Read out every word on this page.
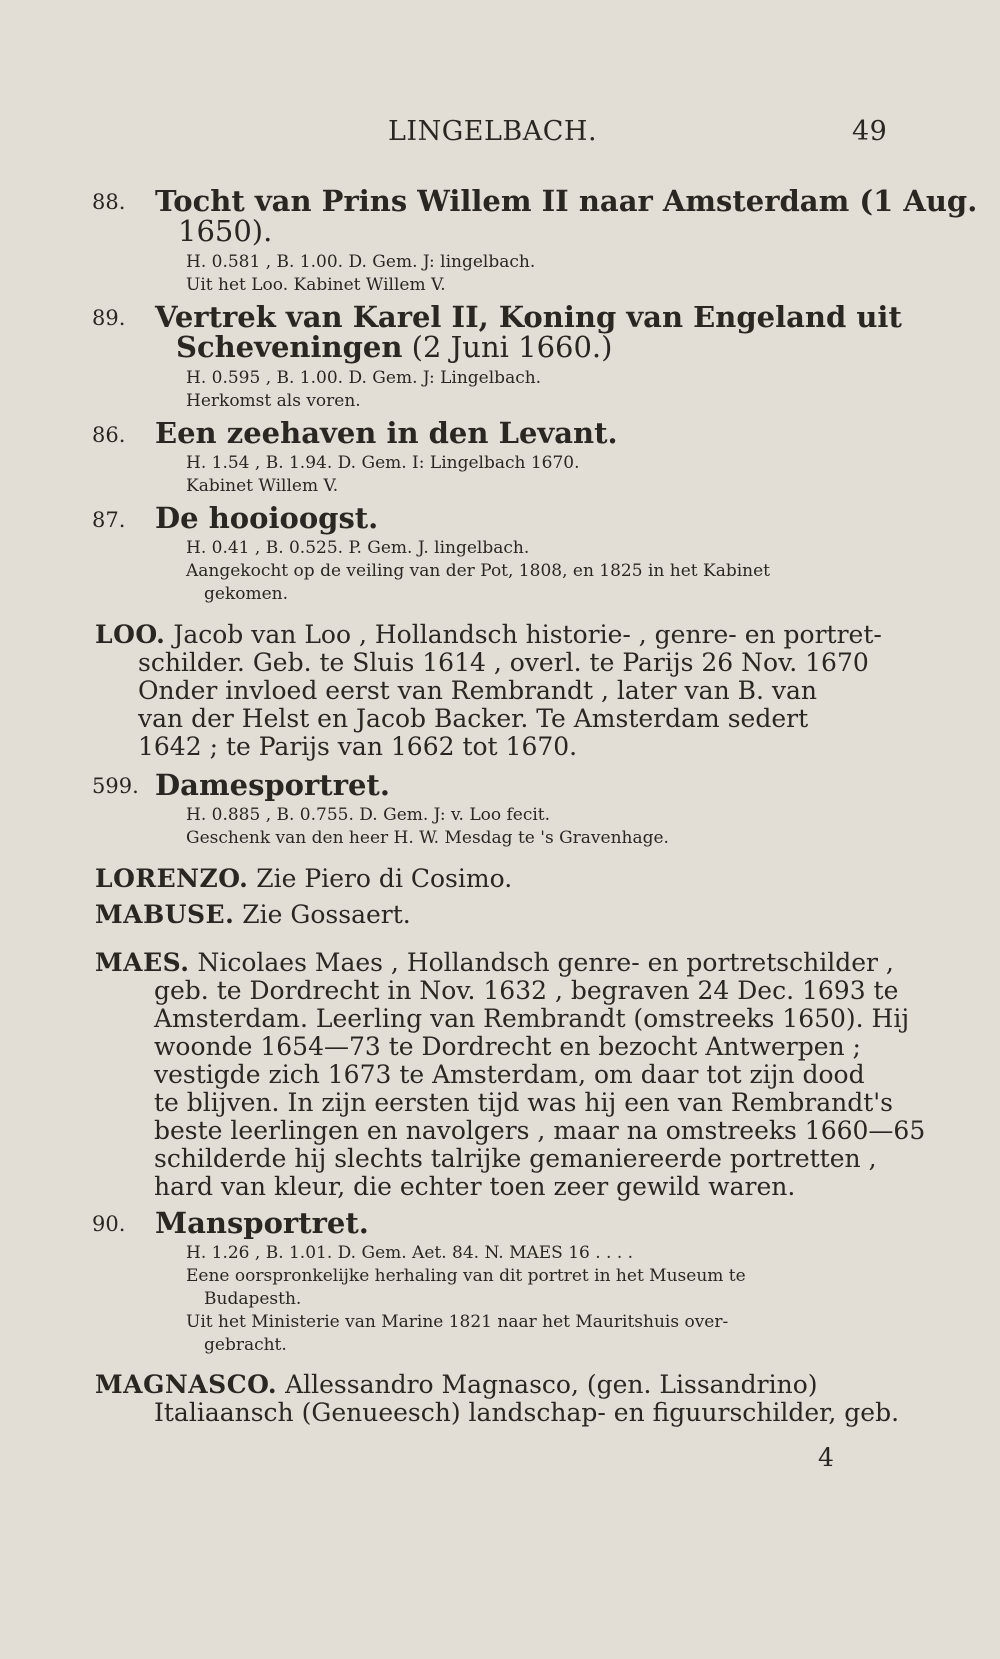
LINGELBACH.	49
88. Tocht van Prins Willem II naar Amsterdam (1 Aug.
1650).
H. 0.581 , B. 1.00. D. Gem. J: lingelbach.
Uit het Loo. Kabinet Willem V.
89. Vertrek van Karel II, Koning van Engeland uit
Scheveningen (2 Juni 1660.)
H. 0.595 , B. 1.00. D. Gem. J: Lingelbach.
Herkomst als voren.
86. Een zeehaven in den Levant.
H. 1.54 , B. 1.94. D. Gem. I: Lingelbach 1670.
Kabinet Willem V.
87. De hooioogst.
H. 0.41 , B. 0.525. P. Gem. J. lingelbach.
Aangekocht op de veiling van der Pot, 1808, en 1825 in het Kabinet
gekomen.
LOO. Jacob van Loo , Hollandsch historie- , genre- en portret-
schilder. Geb. te Sluis 1614 , overl. te Parijs 26 Nov. 1670
Onder invloed eerst van Rembrandt , later van B. van
van der Helst en Jacob Backer. Te Amsterdam sedert
1642 ; te Parijs van 1662 tot 1670.
599. Damesportret.
H. 0.885 , B. 0.755. D. Gem. J: v. Loo fecit.
Geschenk van den heer H. W. Mesdag te 's Gravenhage.
LORENZO. Zie Piero di Cosimo.
MABUSE. Zie Gossaert.
MAES. Nicolaes Maes , Hollandsch genre- en portretschilder ,
geb. te Dordrecht in Nov. 1632 , begraven 24 Dec. 1693 te
Amsterdam. Leerling van Rembrandt (omstreeks 1650). Hij
woonde 1654—73 te Dordrecht en bezocht Antwerpen ;
vestigde zich 1673 te Amsterdam, om daar tot zijn dood
te blijven. In zijn eersten tijd was hij een van Rembrandt's
beste leerlingen en navolgers , maar na omstreeks 1660—65
schilderde hij slechts talrijke gemaniereerde portretten ,
hard van kleur, die echter toen zeer gewild waren.
90. Mansportret.
H. 1.26 , B. 1.01. D. Gem. Aet. 84. N. MAES 16 . . . .
Eene oorspronkelijke herhaling van dit portret in het Museum te
Budapesth.
Uit het Ministerie van Marine 1821 naar het Mauritshuis over-
gebracht.
MAGNASCO. Allessandro Magnasco, (gen. Lissandrino)
Italiaansch (Genueesch) landschap- en figuurschilder, geb.
4
